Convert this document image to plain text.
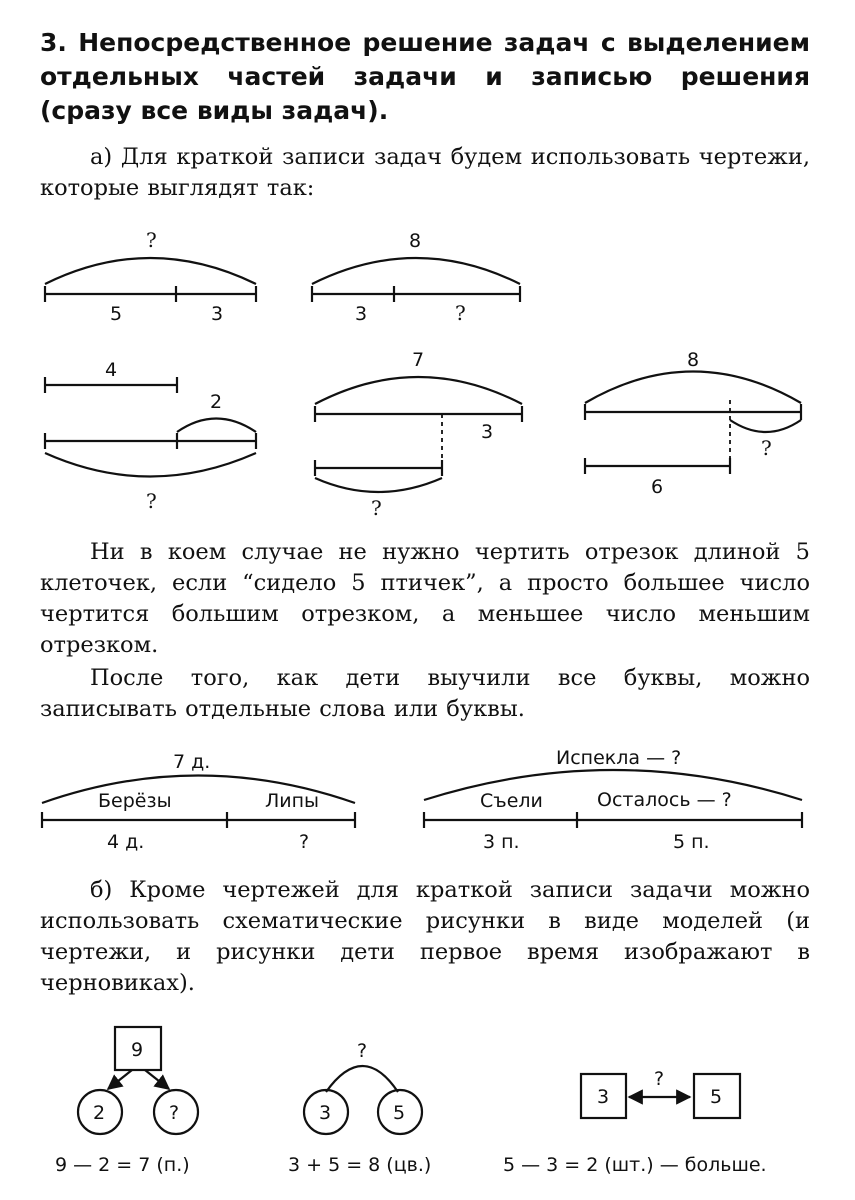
3. Непосредственное решение задач с выделением отдельных частей задачи и записью решения (сразу все виды задач).
а) Для краткой записи задач будем использовать чертежи, которые выглядят так:
?
5	3
8
3	?
4
2
?
7
3
?
8
?
6
7 д.
Берёзы	Липы
4 д.	?
Испекла — ?
Съели	Осталось — ?
3 п.	5 п.
9
2	?
9 — 2 = 7 (п.)
?
3	5
3 + 5 = 8 (цв.)
3
?
5
5 — 3 = 2 (шт.) — больше.
Ни в коем случае не нужно чертить отрезок длиной 5 клеточек, если “сидело 5 птичек”, а просто большее число чертится большим отрезком, а меньшее число меньшим отрезком.
После того, как дети выучили все буквы, можно записывать отдельные слова или буквы.
б) Кроме чертежей для краткой записи задачи можно использовать схематические рисунки в виде моделей (и чертежи, и рисунки дети первое время изображают в черновиках).
